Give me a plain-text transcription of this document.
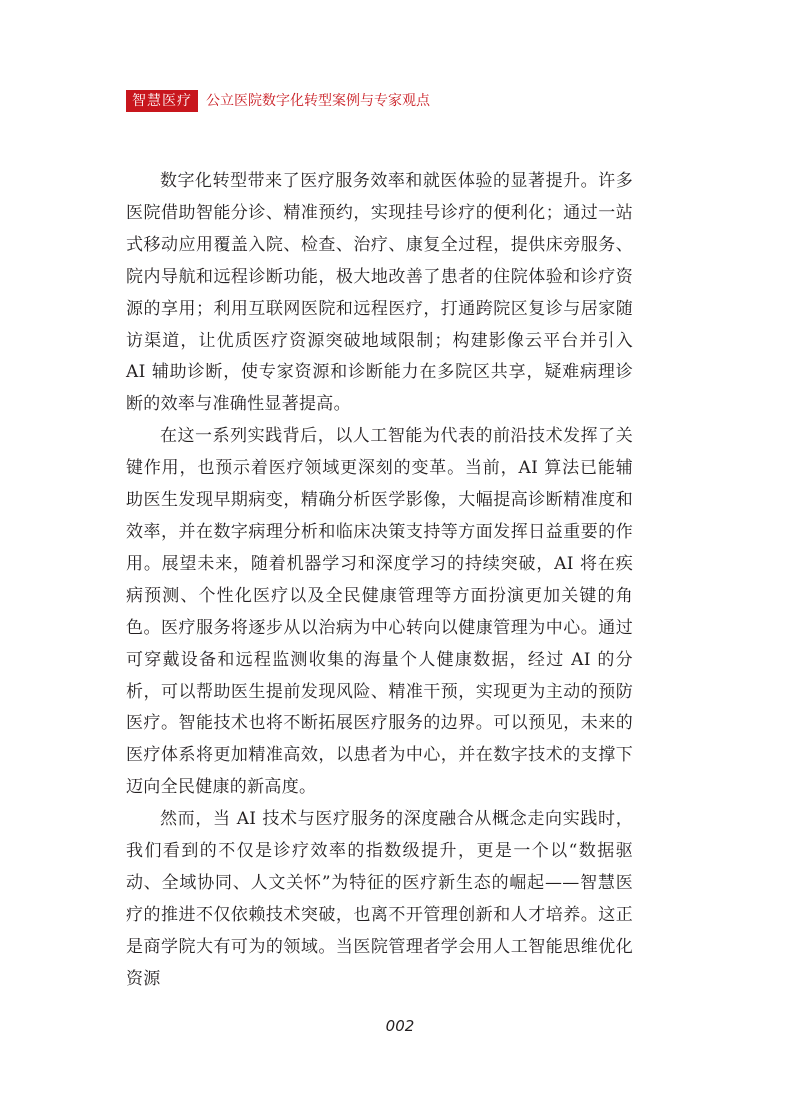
智慧医疗	公立医院数字化转型案例与专家观点

数字化转型带来了医疗服务效率和就医体验的显著提升。许多医院借助智能分诊、精准预约，实现挂号诊疗的便利化；通过一站式移动应用覆盖入院、检查、治疗、康复全过程，提供床旁服务、院内导航和远程诊断功能，极大地改善了患者的住院体验和诊疗资源的享用；利用互联网医院和远程医疗，打通跨院区复诊与居家随访渠道，让优质医疗资源突破地域限制；构建影像云平台并引入 AI 辅助诊断，使专家资源和诊断能力在多院区共享，疑难病理诊断的效率与准确性显著提高。

在这一系列实践背后，以人工智能为代表的前沿技术发挥了关键作用，也预示着医疗领域更深刻的变革。当前，AI 算法已能辅助医生发现早期病变，精确分析医学影像，大幅提高诊断精准度和效率，并在数字病理分析和临床决策支持等方面发挥日益重要的作用。展望未来，随着机器学习和深度学习的持续突破，AI 将在疾病预测、个性化医疗以及全民健康管理等方面扮演更加关键的角色。医疗服务将逐步从以治病为中心转向以健康管理为中心。通过可穿戴设备和远程监测收集的海量个人健康数据，经过 AI 的分析，可以帮助医生提前发现风险、精准干预，实现更为主动的预防医疗。智能技术也将不断拓展医疗服务的边界。可以预见，未来的医疗体系将更加精准高效，以患者为中心，并在数字技术的支撑下迈向全民健康的新高度。

然而，当 AI 技术与医疗服务的深度融合从概念走向实践时，我们看到的不仅是诊疗效率的指数级提升，更是一个以“数据驱动、全域协同、人文关怀”为特征的医疗新生态的崛起——智慧医疗的推进不仅依赖技术突破，也离不开管理创新和人才培养。这正是商学院大有可为的领域。当医院管理者学会用人工智能思维优化资源

002
